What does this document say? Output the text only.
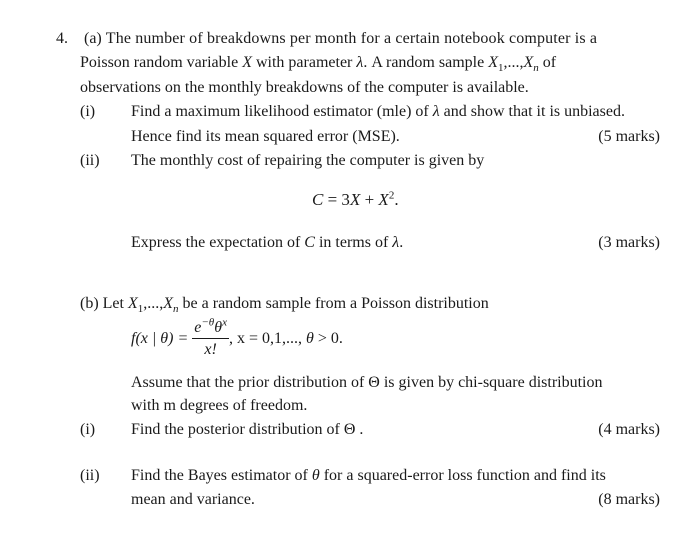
4. (a) The number of breakdowns per month for a certain notebook computer is a
Poisson random variable X with parameter λ. A random sample $X_1,...,X_n$ of
observations on the monthly breakdowns of the computer is available.
(i) Find a maximum likelihood estimator (mle) of λ and show that it is unbiased.
Hence find its mean squared error (MSE).	(5 marks)
(ii) The monthly cost of repairing the computer is given by
$C = 3X + X^2$.
Express the expectation of C in terms of λ.	(3 marks)
(b) Let $X_1,...,X_n$ be a random sample from a Poisson distribution
f(x | $\theta) = \frac{e^{-\theta}\theta^x}{x!}$ , x = 0,1,..., θ > 0.
Assume that the prior distribution of Θ is given by chi-square distribution
with m degrees of freedom.
(i) Find the posterior distribution of Θ .	(4 marks)
(ii) Find the Bayes estimator of θ for a squared-error loss function and find its
mean and variance.	(8 marks)
